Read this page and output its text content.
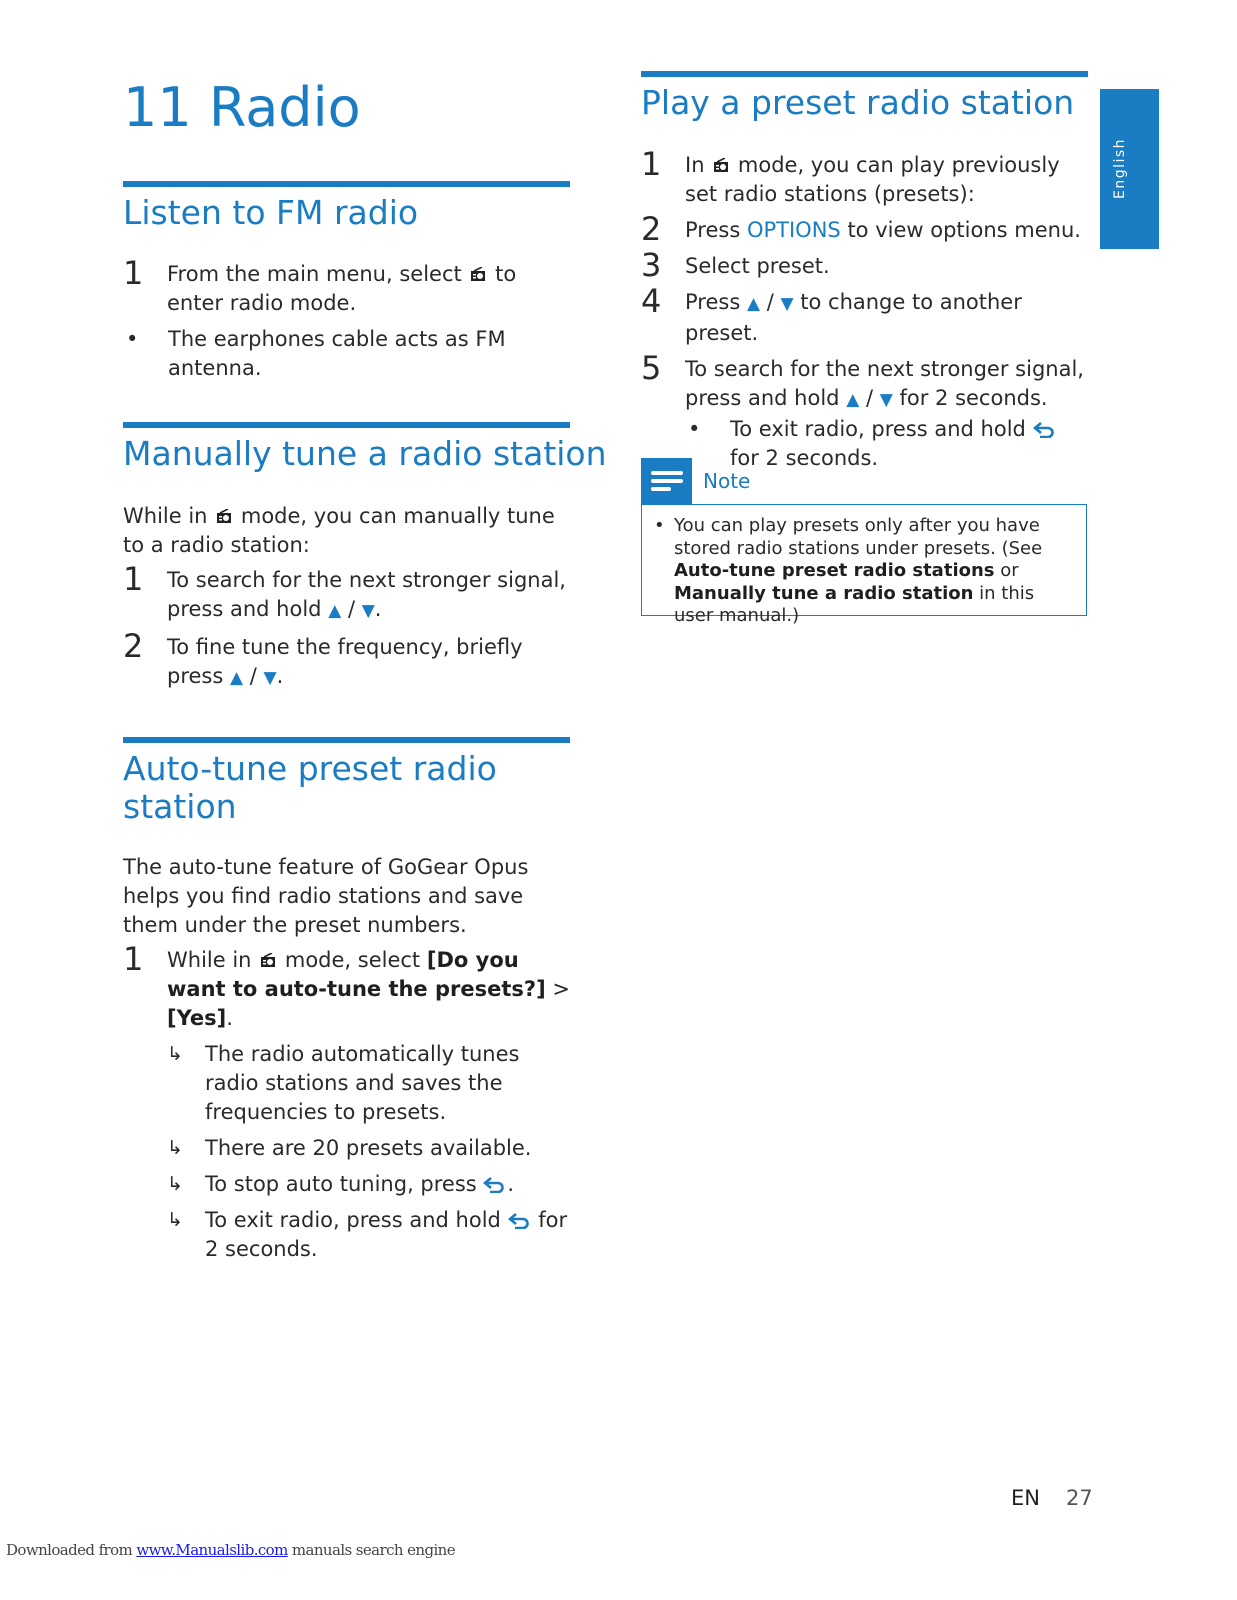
11 Radio
Listen to FM radio
1 From the main menu, select to enter radio mode.
• The earphones cable acts as FM antenna.
Manually tune a radio station

While in mode, you can manually tune to a radio station:

1 To search for the next stronger signal, press and hold ▲ / ▼.
2 To fine tune the frequency, briefly press ▲ / ▼.
Auto-tune preset radio
station

The auto-tune feature of GoGear Opus helps you find radio stations and save them under the preset numbers.

1 While in mode, select [Do you want to auto-tune the presets?] > [Yes].
↳ The radio automatically tunes radio stations and saves the frequencies to presets.
↳ There are 20 presets available.
↳ To stop auto tuning, press .
↳ To exit radio, press and hold for 2 seconds.
Play a preset radio station
1 In mode, you can play previously set radio stations (presets):
2 Press OPTIONS to view options menu.
3 Select preset.
4 Press ▲ / ▼ to change to another preset.
5 To search for the next stronger signal, press and hold ▲ / ▼ for 2 seconds.
• To exit radio, press and hold  for 2 seconds.
Note
• You can play presets only after you have stored radio stations under presets. (See Auto-tune preset radio stations or Manually tune a radio station in this user manual.)
English
EN 27
Downloaded from www.Manualslib.com manuals search engine
